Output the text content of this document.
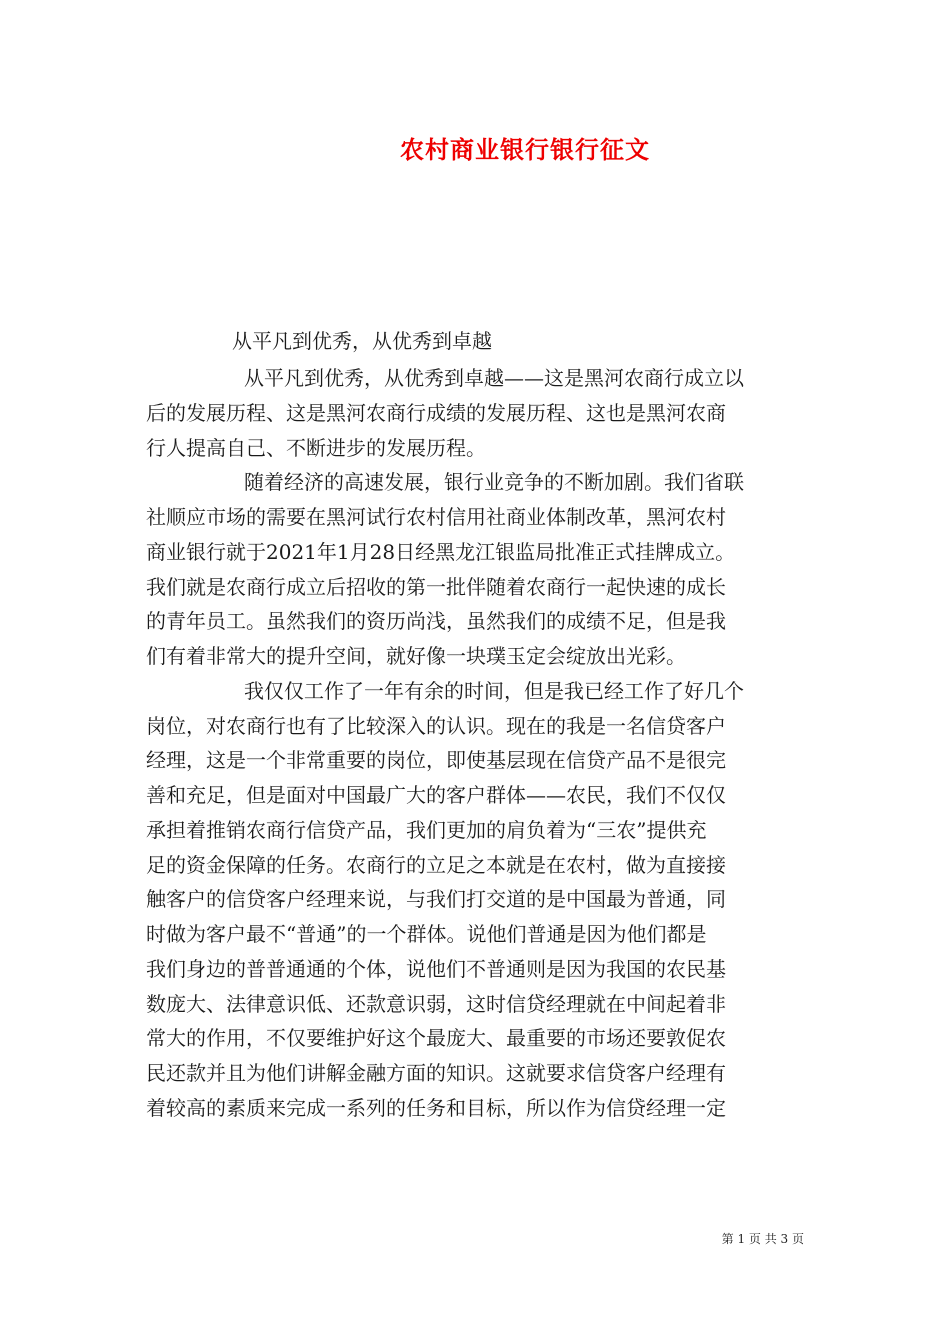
农村商业银行银行征文
从平凡到优秀，从优秀到卓越
从平凡到优秀，从优秀到卓越——这是黑河农商行成立以
后的发展历程、这是黑河农商行成绩的发展历程、这也是黑河农商
行人提高自己、不断进步的发展历程。
随着经济的高速发展，银行业竞争的不断加剧。我们省联
社顺应市场的需要在黑河试行农村信用社商业体制改革，黑河农村
商业银行就于2021年1月28日经黑龙江银监局批准正式挂牌成立。
我们就是农商行成立后招收的第一批伴随着农商行一起快速的成长
的青年员工。虽然我们的资历尚浅，虽然我们的成绩不足，但是我
们有着非常大的提升空间，就好像一块璞玉定会绽放出光彩。
我仅仅工作了一年有余的时间，但是我已经工作了好几个
岗位，对农商行也有了比较深入的认识。现在的我是一名信贷客户
经理，这是一个非常重要的岗位，即使基层现在信贷产品不是很完
善和充足，但是面对中国最广大的客户群体——农民，我们不仅仅
承担着推销农商行信贷产品，我们更加的肩负着为“三农”提供充
足的资金保障的任务。农商行的立足之本就是在农村，做为直接接
触客户的信贷客户经理来说，与我们打交道的是中国最为普通，同
时做为客户最不“普通”的一个群体。说他们普通是因为他们都是
我们身边的普普通通的个体，说他们不普通则是因为我国的农民基
数庞大、法律意识低、还款意识弱，这时信贷经理就在中间起着非
常大的作用，不仅要维护好这个最庞大、最重要的市场还要敦促农
民还款并且为他们讲解金融方面的知识。这就要求信贷客户经理有
着较高的素质来完成一系列的任务和目标，所以作为信贷经理一定
第 1 页 共 3 页
